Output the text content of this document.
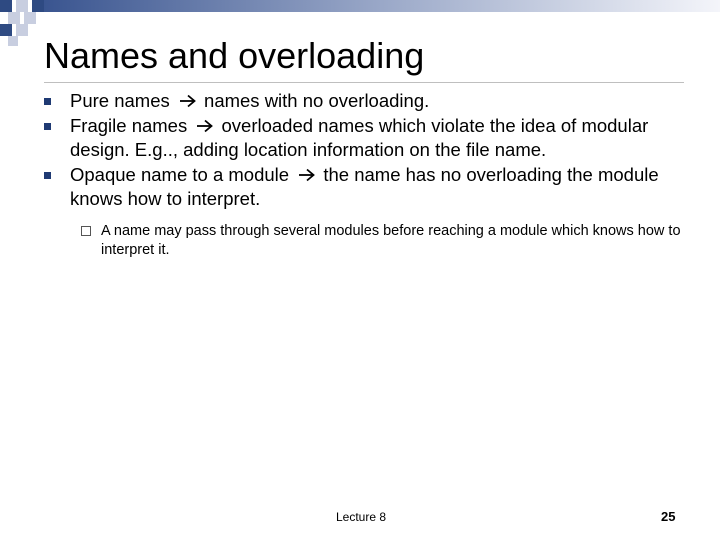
Names and overloading
Pure names names with no overloading.
Fragile names overloaded names which violate the idea of modular design. E.g.., adding location information on the file name.
Opaque name to a module the name has no overloading the module knows how to interpret.
A name may pass through several modules before reaching a module which knows how to interpret it.
Lecture 8	25
